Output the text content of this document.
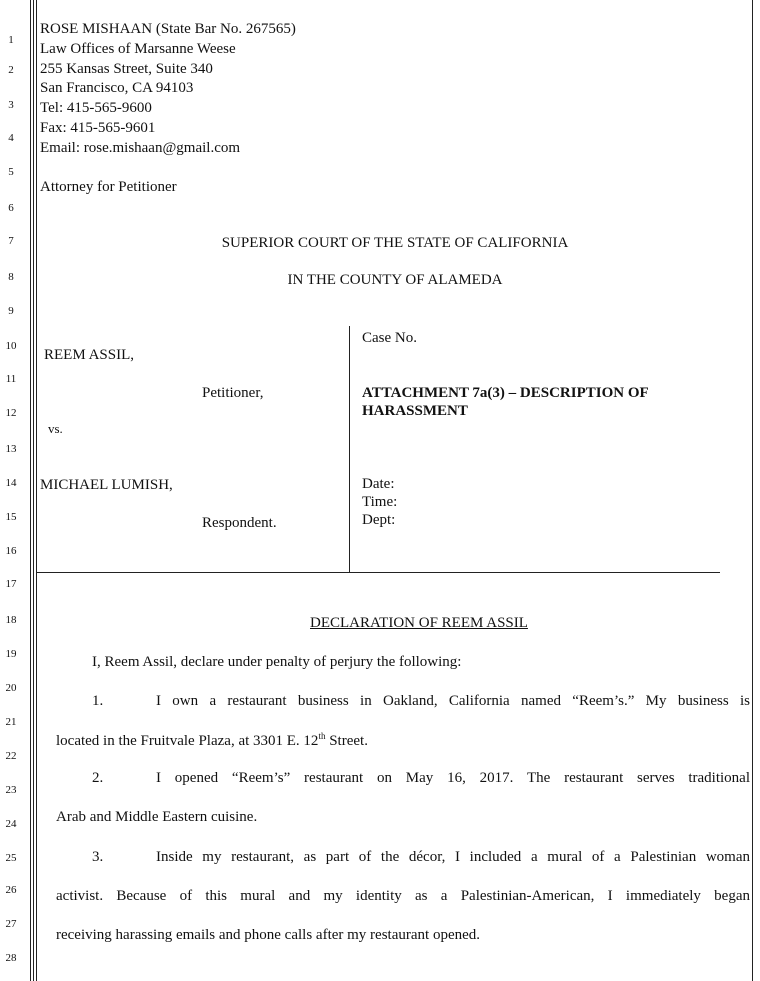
1
2
3
4
5
6
7
8
9
10
11
12
13
14
15
16
17
18
19
20
21
22
23
24
25
26
27
28
ROSE MISHAAN (State Bar No. 267565)
Law Offices of Marsanne Weese
255 Kansas Street, Suite 340
San Francisco, CA 94103
Tel: 415-565-9600
Fax: 415-565-9601
Email: rose.mishaan@gmail.com
Attorney for Petitioner
SUPERIOR COURT OF THE STATE OF CALIFORNIA
IN THE COUNTY OF ALAMEDA
REEM ASSIL,
Petitioner,
vs.
MICHAEL LUMISH,
Respondent.
Case No.
ATTACHMENT 7a(3) – DESCRIPTION OF
HARASSMENT
Date:
Time:
Dept:
DECLARATION OF REEM ASSIL
I, Reem Assil, declare under penalty of perjury the following:
1.	I own a restaurant business in Oakland, California named “Reem’s.” My business is
located in the Fruitvale Plaza, at 3301 E. 12th Street.
2.	I opened “Reem’s” restaurant on May 16, 2017. The restaurant serves traditional
Arab and Middle Eastern cuisine.
3.	Inside my restaurant, as part of the décor, I included a mural of a Palestinian woman
activist. Because of this mural and my identity as a Palestinian-American, I immediately began
receiving harassing emails and phone calls after my restaurant opened.
